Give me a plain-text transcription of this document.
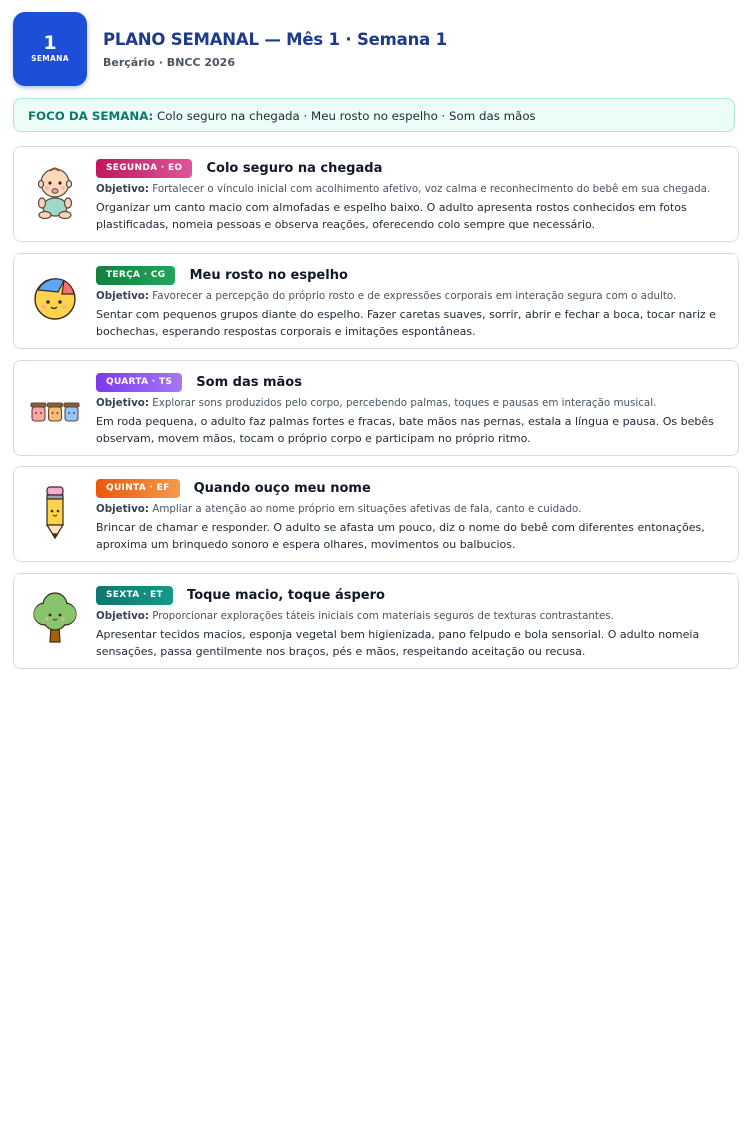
1
SEMANA
PLANO SEMANAL — Mês 1 · Semana 1
Berçário · BNCC 2026
FOCO DA SEMANA: Colo seguro na chegada · Meu rosto no espelho · Som das mãos
SEGUNDA · EO Colo seguro na chegada
Objetivo: Fortalecer o vínculo inicial com acolhimento afetivo, voz calma e reconhecimento do bebê em sua chegada.
Organizar um canto macio com almofadas e espelho baixo. O adulto apresenta rostos conhecidos em fotos plastificadas, nomeia pessoas e observa reações, oferecendo colo sempre que necessário.
TERÇA · CG Meu rosto no espelho
Objetivo: Favorecer a percepção do próprio rosto e de expressões corporais em interação segura com o adulto.
Sentar com pequenos grupos diante do espelho. Fazer caretas suaves, sorrir, abrir e fechar a boca, tocar nariz e bochechas, esperando respostas corporais e imitações espontâneas.
QUARTA · TS Som das mãos
Objetivo: Explorar sons produzidos pelo corpo, percebendo palmas, toques e pausas em interação musical.
Em roda pequena, o adulto faz palmas fortes e fracas, bate mãos nas pernas, estala a língua e pausa. Os bebês observam, movem mãos, tocam o próprio corpo e participam no próprio ritmo.
QUINTA · EF Quando ouço meu nome
Objetivo: Ampliar a atenção ao nome próprio em situações afetivas de fala, canto e cuidado.
Brincar de chamar e responder. O adulto se afasta um pouco, diz o nome do bebê com diferentes entonações, aproxima um brinquedo sonoro e espera olhares, movimentos ou balbucios.
SEXTA · ET Toque macio, toque áspero
Objetivo: Proporcionar explorações táteis iniciais com materiais seguros de texturas contrastantes.
Apresentar tecidos macios, esponja vegetal bem higienizada, pano felpudo e bola sensorial. O adulto nomeia sensações, passa gentilmente nos braços, pés e mãos, respeitando aceitação ou recusa.
